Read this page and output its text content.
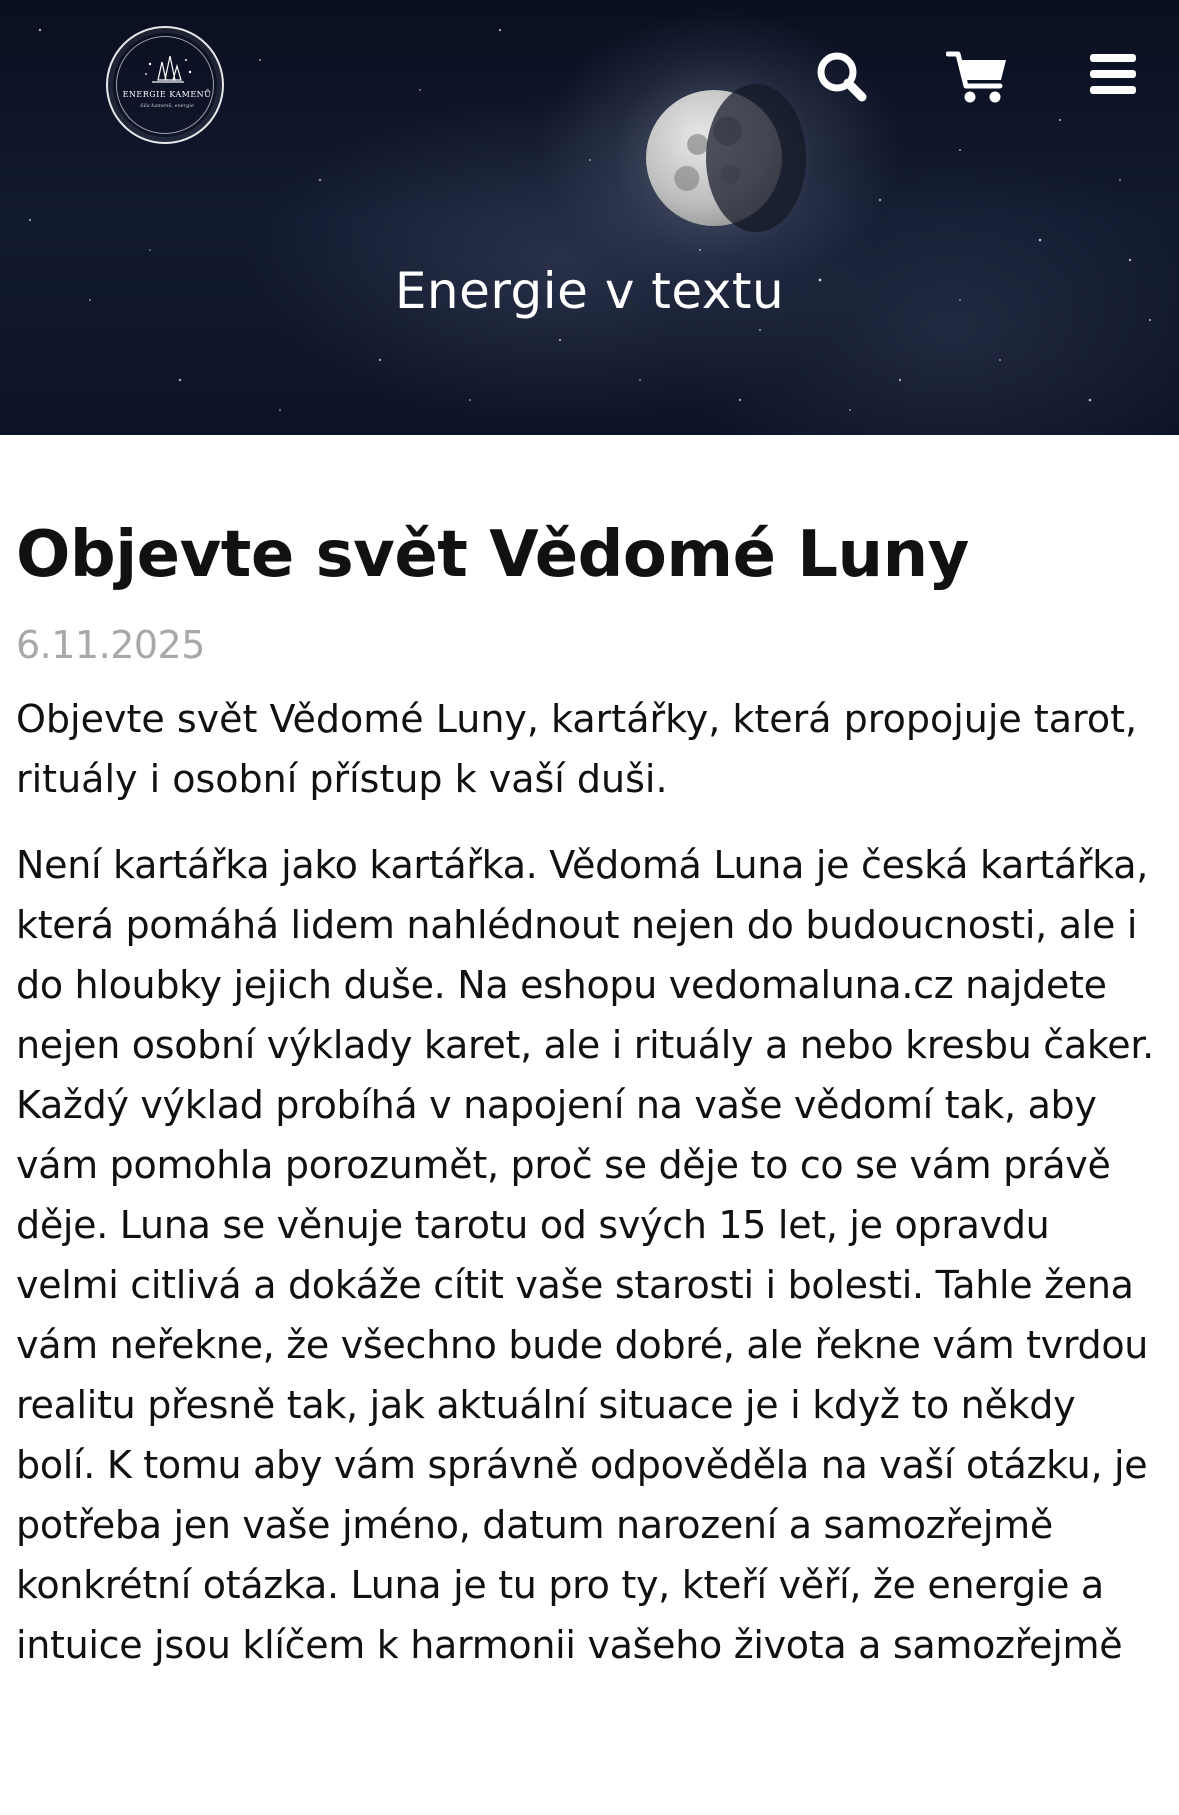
ENERGIE KAMENŮ
Síla kamenů, energie
Energie v textu
Objevte svět Vědomé Luny
6.11.2025

Objevte svět Vědomé Luny, kartářky, která propojuje tarot, rituály i osobní přístup k vaší duši.

Není kartářka jako kartářka. Vědomá Luna je česká kartářka, která pomáhá lidem nahlédnout nejen do budoucnosti, ale i do hloubky jejich duše. Na eshopu vedomaluna.cz najdete nejen osobní výklady karet, ale i rituály a nebo kresbu čaker. Každý výklad probíhá v napojení na vaše vědomí tak, aby vám pomohla porozumět, proč se děje to co se vám právě děje. Luna se věnuje tarotu od svých 15 let, je opravdu velmi citlivá a dokáže cítit vaše starosti i bolesti. Tahle žena vám neřekne, že všechno bude dobré, ale řekne vám tvrdou realitu přesně tak, jak aktuální situace je i když to někdy bolí. K tomu aby vám správně odpověděla na vaší otázku, je potřeba jen vaše jméno, datum narození a samozřejmě konkrétní otázka. Luna je tu pro ty, kteří věří, že energie a intuice jsou klíčem k harmonii vašeho života a samozřejmě
